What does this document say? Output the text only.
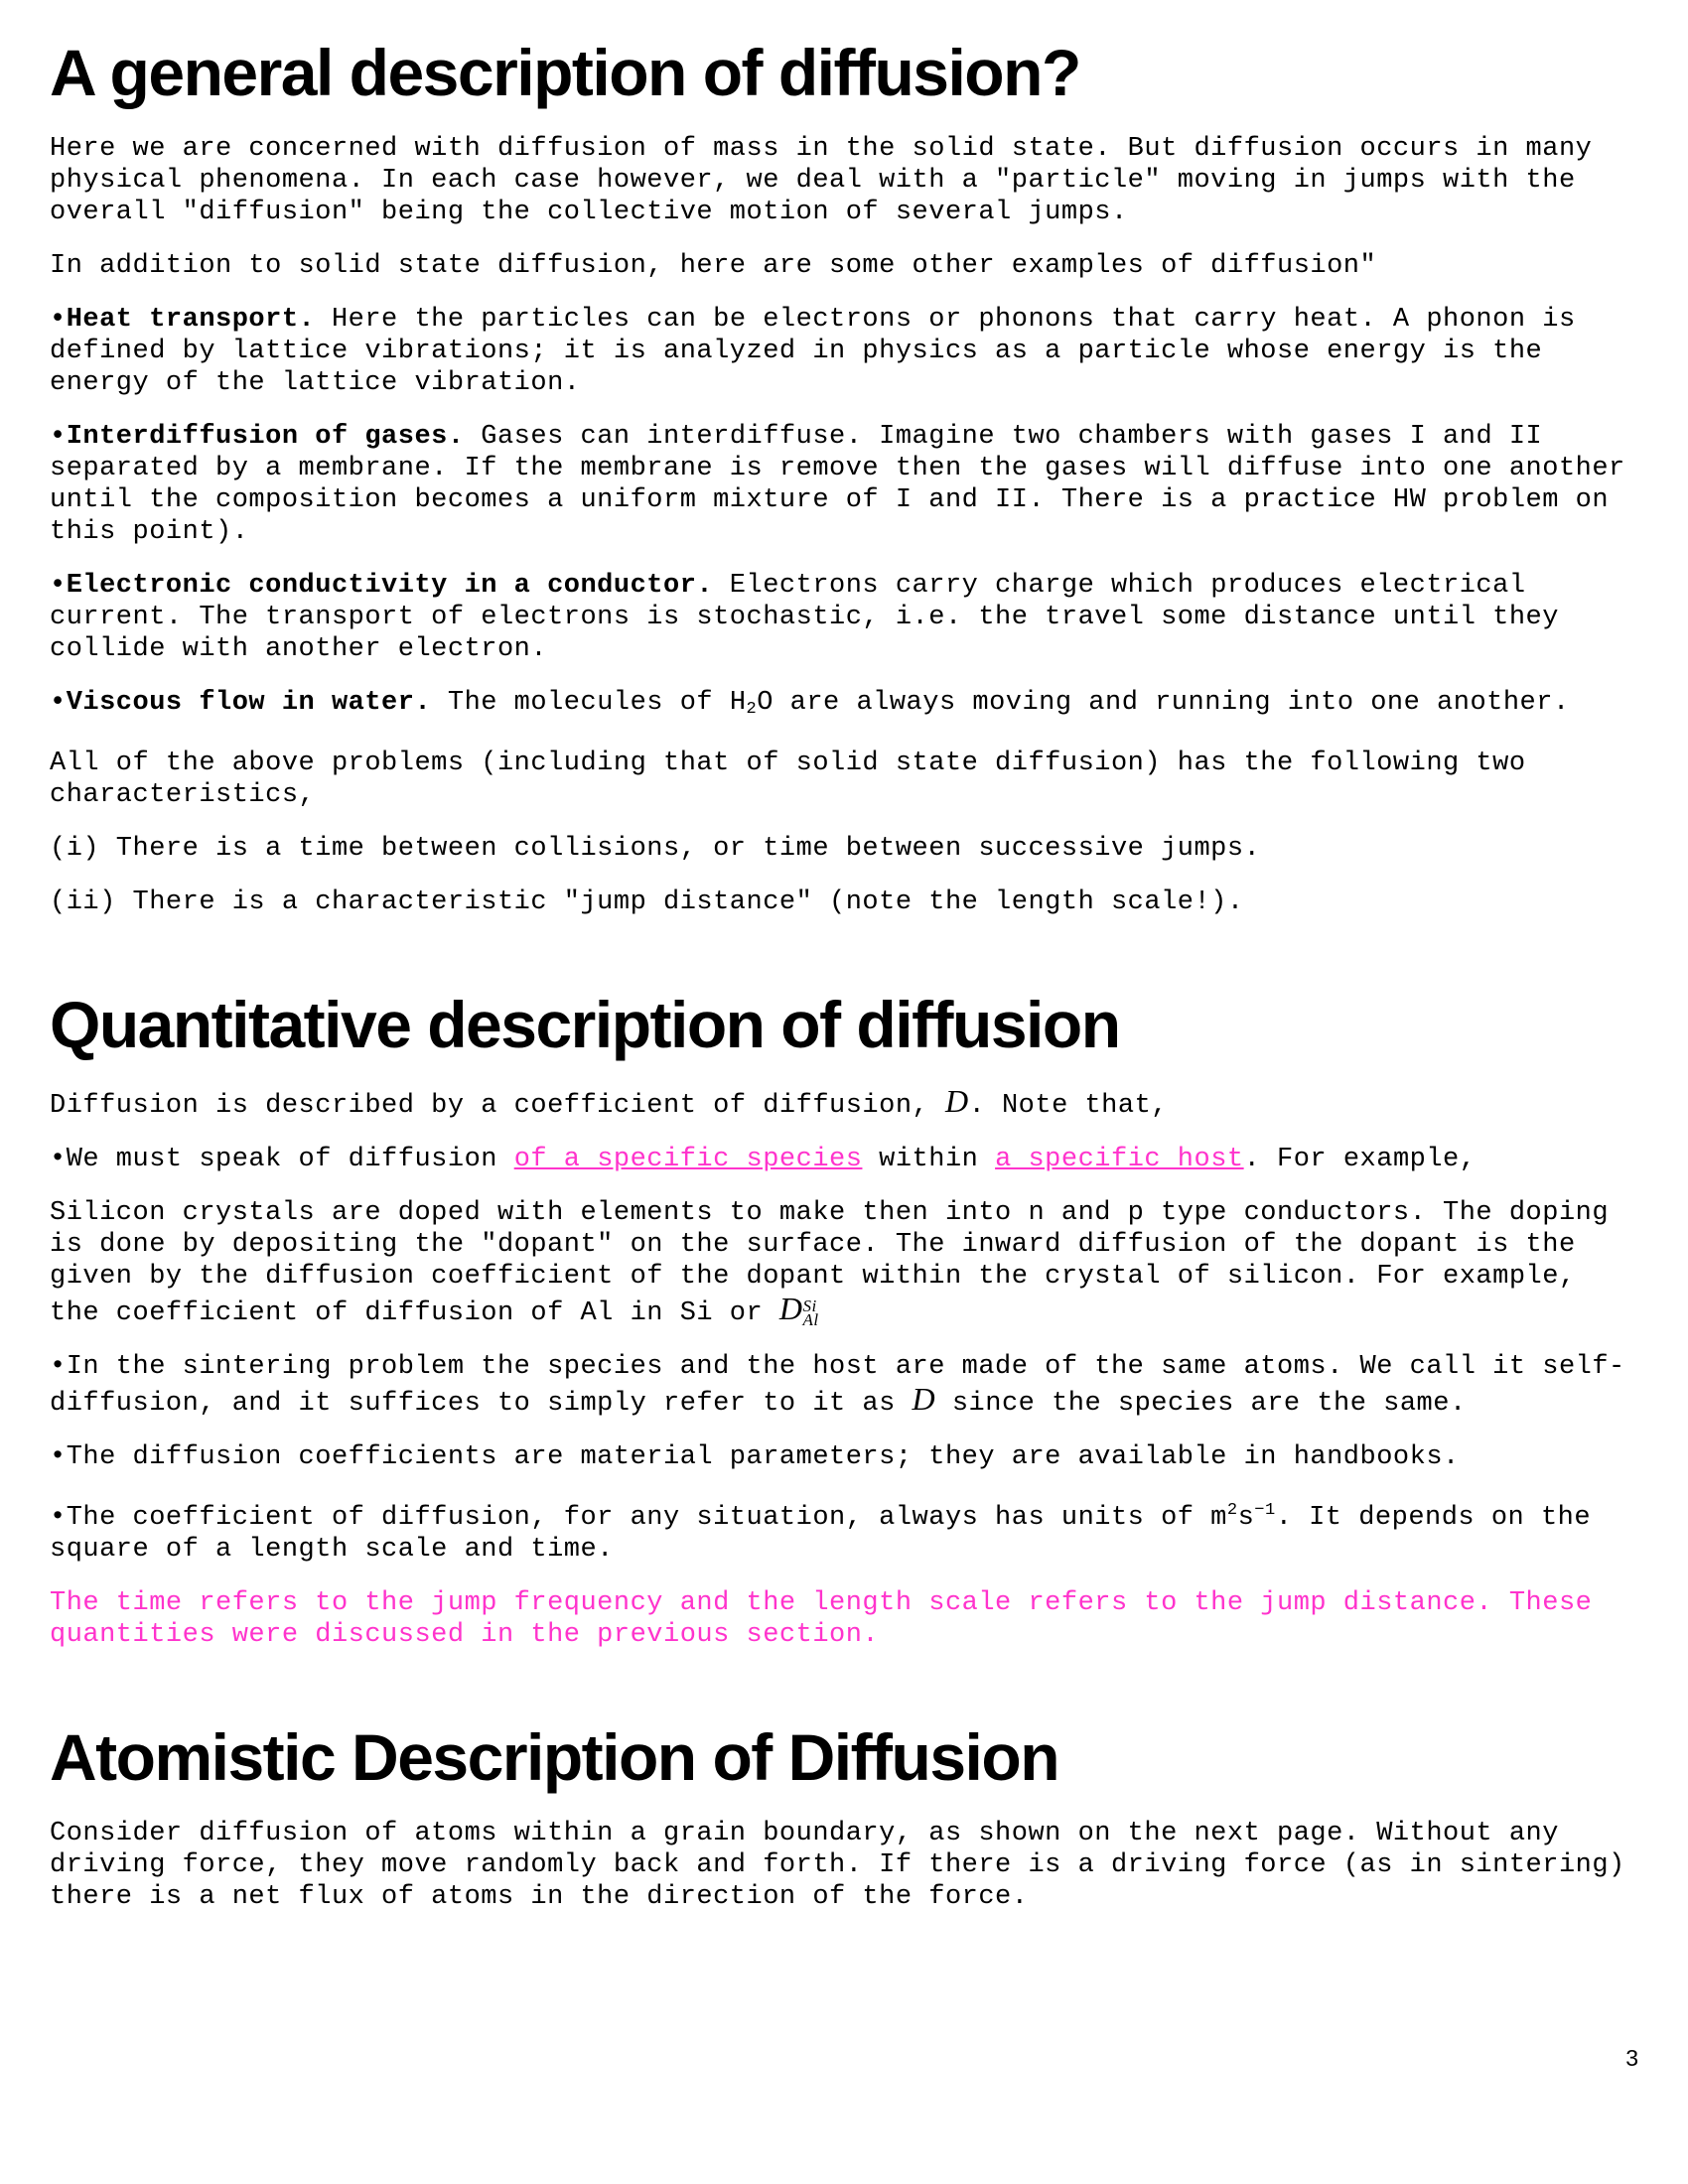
A general description of diffusion?

Here we are concerned with diffusion of mass in the solid state. But diffusion occurs in many physical phenomena. In each case however, we deal with a "particle" moving in jumps with the overall "diffusion" being the collective motion of several jumps.

In addition to solid state diffusion, here are some other examples of diffusion"

•Heat transport. Here the particles can be electrons or phonons that carry heat. A phonon is defined by lattice vibrations; it is analyzed in physics as a particle whose energy is the energy of the lattice vibration.

•Interdiffusion of gases. Gases can interdiffuse. Imagine two chambers with gases I and II separated by a membrane. If the membrane is remove then the gases will diffuse into one another until the composition becomes a uniform mixture of I and II. There is a practice HW problem on this point).

•Electronic conductivity in a conductor. Electrons carry charge which produces electrical current. The transport of electrons is stochastic, i.e. the travel some distance until they collide with another electron.

•Viscous flow in water. The molecules of $H_2O$ are always moving and running into one another.

All of the above problems (including that of solid state diffusion) has the following two characteristics,

(i) There is a time between collisions, or time between successive jumps.

(ii) There is a characteristic "jump distance" (note the length scale!).

Quantitative description of diffusion

Diffusion is described by a coefficient of diffusion, D. Note that,

•We must speak of diffusion of a specific species within a specific host. For example,

Silicon crystals are doped with elements to make then into n and p type conductors. The doping is done by depositing the "dopant" on the surface. The inward diffusion of the dopant is the given by the diffusion coefficient of the dopant within the crystal of silicon. For example, the coefficient of diffusion of Al in Si or DSi
Al

•In the sintering problem the species and the host are made of the same atoms. We call it self-diffusion, and it suffices to simply refer to it as D since the species are the same.

•The diffusion coefficients are material parameters; they are available in handbooks.

•The coefficient of diffusion, for any situation, always has units of $m^2s^{-1}$. It depends on the square of a length scale and time.

The time refers to the jump frequency and the length scale refers to the jump distance. These quantities were discussed in the previous section.

Atomistic Description of Diffusion

Consider diffusion of atoms within a grain boundary, as shown on the next page. Without any driving force, they move randomly back and forth. If there is a driving force (as in sintering) there is a net flux of atoms in the direction of the force.

3
